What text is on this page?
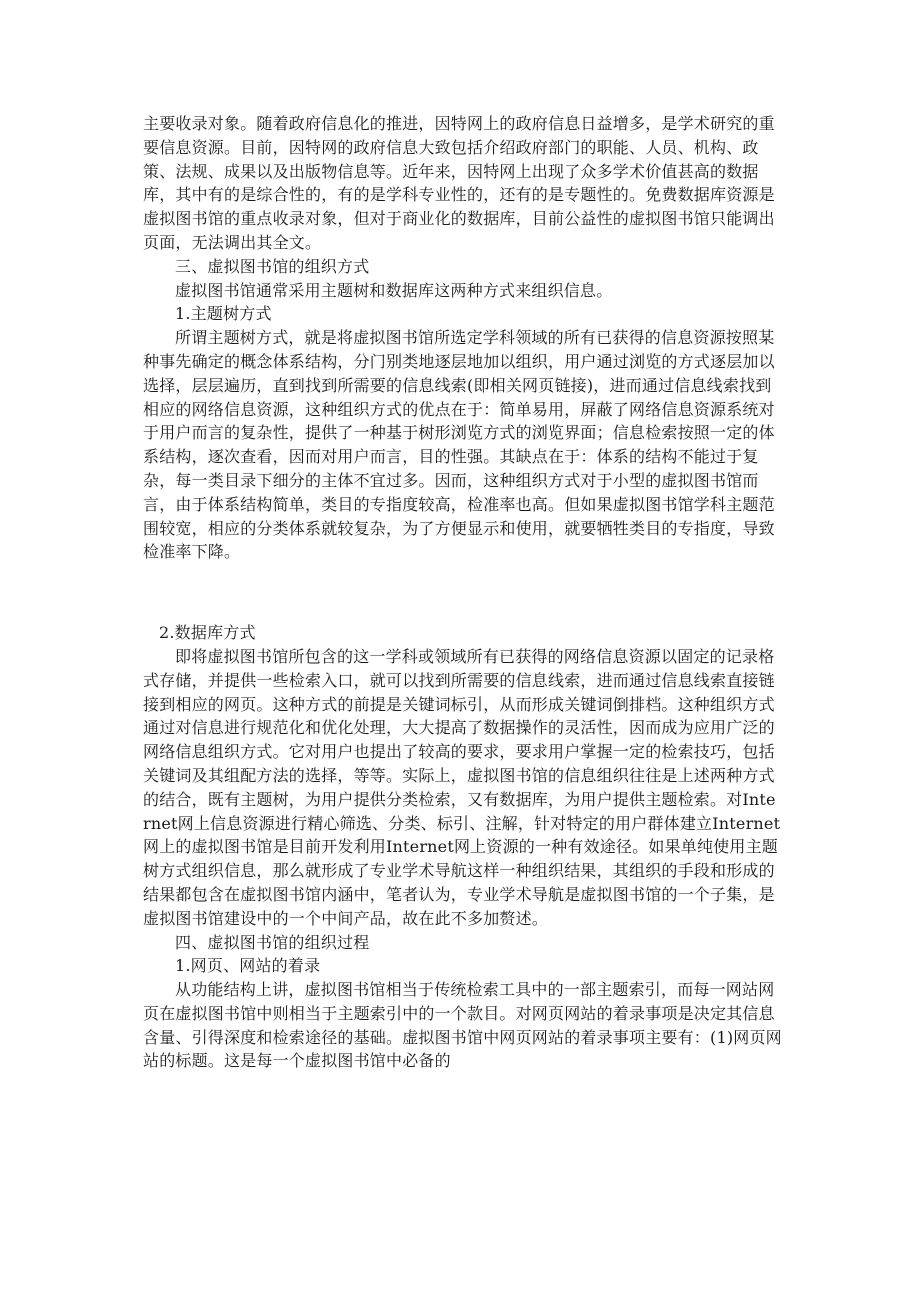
主要收录对象。随着政府信息化的推进，因特网上的政府信息日益增多，是学术研究的重要信息资源。目前，因特网的政府信息大致包括介绍政府部门的职能、人员、机构、政策、法规、成果以及出版物信息等。近年来，因特网上出现了众多学术价值甚高的数据库，其中有的是综合性的，有的是学科专业性的，还有的是专题性的。免费数据库资源是虚拟图书馆的重点收录对象，但对于商业化的数据库，目前公益性的虚拟图书馆只能调出页面，无法调出其全文。

三、虚拟图书馆的组织方式

虚拟图书馆通常采用主题树和数据库这两种方式来组织信息。

1.主题树方式

所谓主题树方式，就是将虚拟图书馆所选定学科领域的所有已获得的信息资源按照某种事先确定的概念体系结构，分门别类地逐层地加以组织，用户通过浏览的方式逐层加以选择，层层遍历，直到找到所需要的信息线索(即相关网页链接)，进而通过信息线索找到相应的网络信息资源，这种组织方式的优点在于：简单易用，屏蔽了网络信息资源系统对于用户而言的复杂性，提供了一种基于树形浏览方式的浏览界面；信息检索按照一定的体系结构，逐次查看，因而对用户而言，目的性强。其缺点在于：体系的结构不能过于复杂，每一类目录下细分的主体不宜过多。因而，这种组织方式对于小型的虚拟图书馆而言，由于体系结构简单，类目的专指度较高，检准率也高。但如果虚拟图书馆学科主题范围较宽，相应的分类体系就较复杂，为了方便显示和使用，就要牺牲类目的专指度，导致检准率下降。

2.数据库方式

即将虚拟图书馆所包含的这一学科或领域所有已获得的网络信息资源以固定的记录格式存储，并提供一些检索入口，就可以找到所需要的信息线索，进而通过信息线索直接链接到相应的网页。这种方式的前提是关键词标引，从而形成关键词倒排档。这种组织方式通过对信息进行规范化和优化处理，大大提高了数据操作的灵活性，因而成为应用广泛的网络信息组织方式。它对用户也提出了较高的要求，要求用户掌握一定的检索技巧，包括关键词及其组配方法的选择，等等。实际上，虚拟图书馆的信息组织往往是上述两种方式的结合，既有主题树，为用户提供分类检索，又有数据库，为用户提供主题检索。对Internet网上信息资源进行精心筛选、分类、标引、注解，针对特定的用户群体建立Internet网上的虚拟图书馆是目前开发利用Internet网上资源的一种有效途径。如果单纯使用主题树方式组织信息，那么就形成了专业学术导航这样一种组织结果，其组织的手段和形成的结果都包含在虚拟图书馆内涵中，笔者认为，专业学术导航是虚拟图书馆的一个子集，是虚拟图书馆建设中的一个中间产品，故在此不多加赘述。

四、虚拟图书馆的组织过程

1.网页、网站的着录

从功能结构上讲，虚拟图书馆相当于传统检索工具中的一部主题索引，而每一网站网页在虚拟图书馆中则相当于主题索引中的一个款目。对网页网站的着录事项是决定其信息含量、引得深度和检索途径的基础。虚拟图书馆中网页网站的着录事项主要有：(1)网页网站的标题。这是每一个虚拟图书馆中必备的
